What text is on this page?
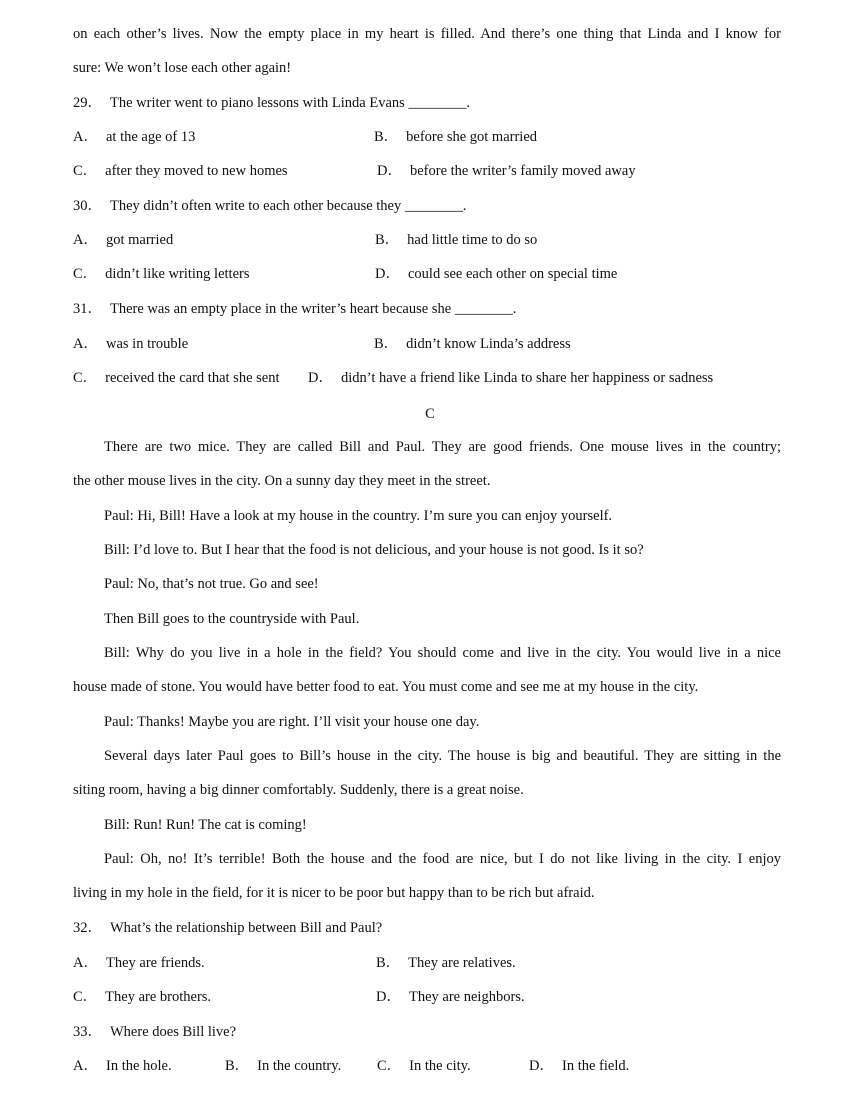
on each other’s lives. Now the empty place in my heart is filled. And there’s one thing that Linda and I know for
sure: We won’t lose each other again!
29． The writer went to piano lessons with Linda Evans ________.
A． at the age of 13	B． before she got married
C． after they moved to new homes	D． before the writer’s family moved away
30． They didn’t often write to each other because they ________.
A． got married	B． had little time to do so
C． didn’t like writing letters	D． could see each other on special time
31． There was an empty place in the writer’s heart because she ________.
A． was in trouble	B． didn’t know Linda’s address
C． received the card that she sent D． didn’t have a friend like Linda to share her happiness or sadness
C
There are two mice. They are called Bill and Paul. They are good friends. One mouse lives in the country;
the other mouse lives in the city. On a sunny day they meet in the street.
Paul: Hi, Bill! Have a look at my house in the country. I’m sure you can enjoy yourself.
Bill: I’d love to. But I hear that the food is not delicious, and your house is not good. Is it so?
Paul: No, that’s not true. Go and see!
Then Bill goes to the countryside with Paul.
Bill: Why do you live in a hole in the field? You should come and live in the city. You would live in a nice
house made of stone. You would have better food to eat. You must come and see me at my house in the city.
Paul: Thanks! Maybe you are right. I’ll visit your house one day.
Several days later Paul goes to Bill’s house in the city. The house is big and beautiful. They are sitting in the
siting room, having a big dinner comfortably. Suddenly, there is a great noise.
Bill: Run! Run! The cat is coming!
Paul: Oh, no! It’s terrible! Both the house and the food are nice, but I do not like living in the city. I enjoy
living in my hole in the field, for it is nicer to be poor but happy than to be rich but afraid.
32． What’s the relationship between Bill and Paul?
A． They are friends.	B． They are relatives.
C． They are brothers.	D． They are neighbors.
33． Where does Bill live?
A． In the hole.	B． In the country. C． In the city.	D． In the field.
